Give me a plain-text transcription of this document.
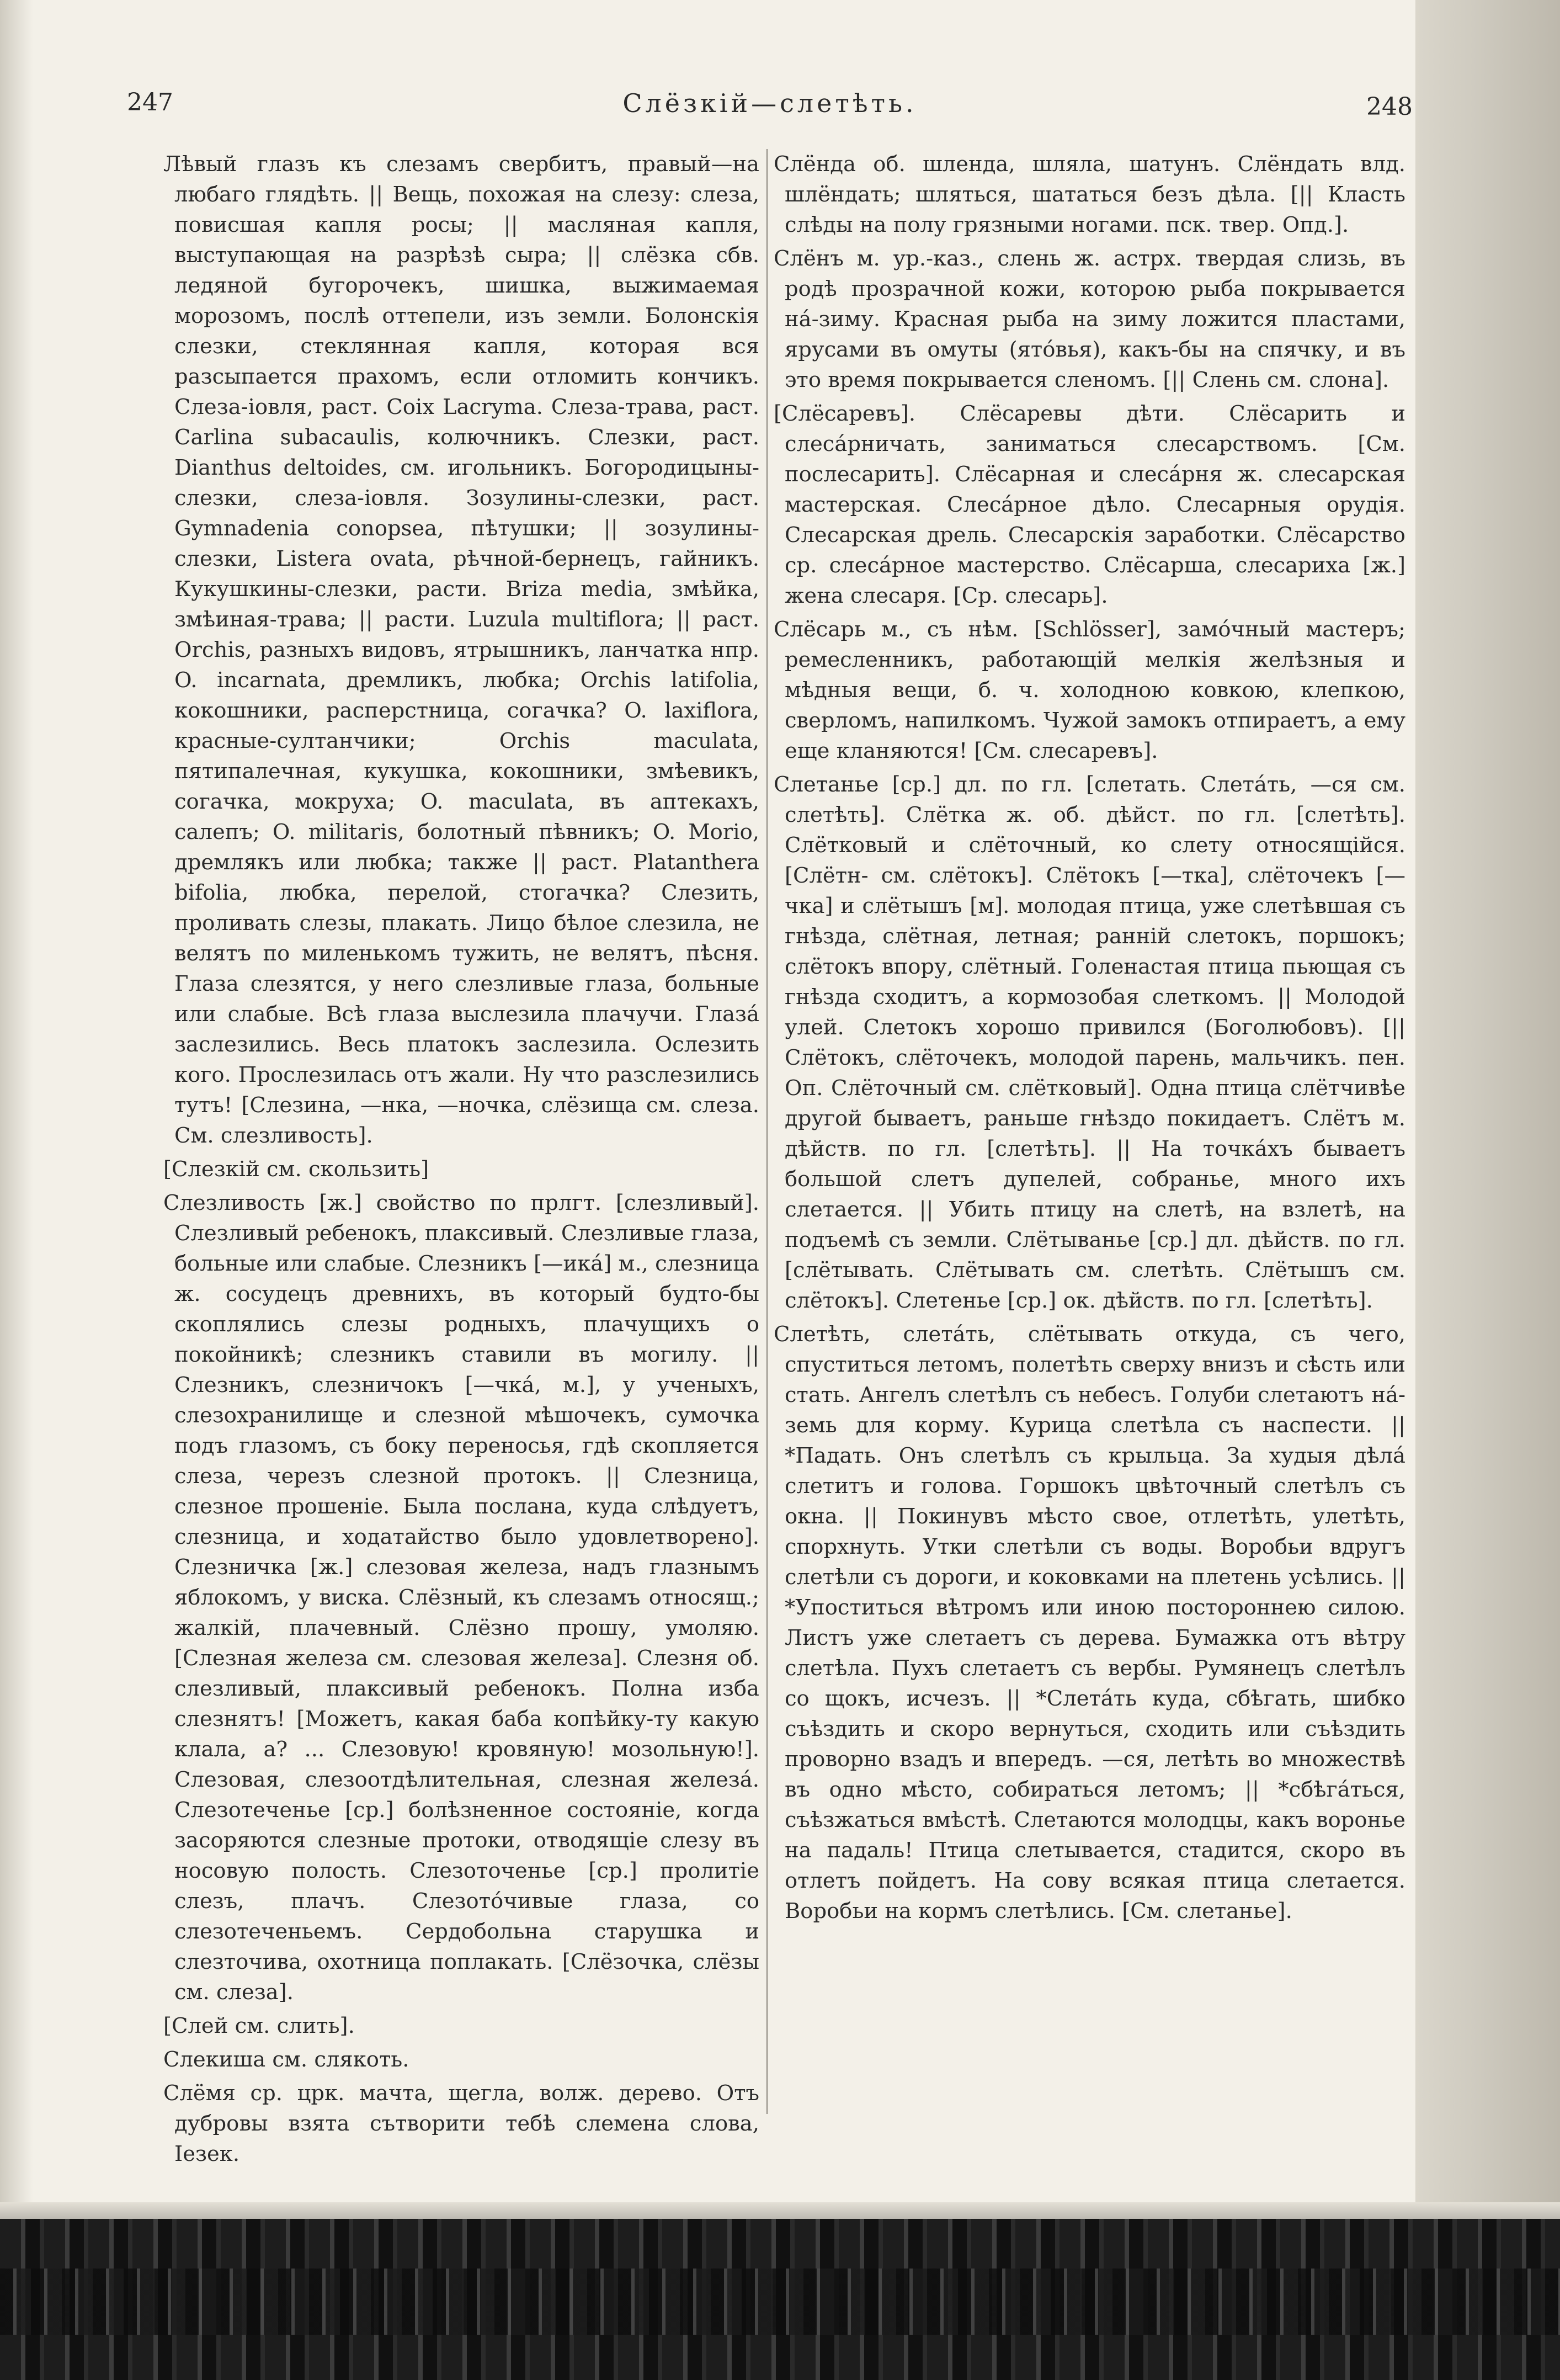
247	Слёзкій—слетѣть.	248

Лѣвый глазъ къ слезамъ свербитъ, правый—на любаго глядѣть. || Вещь, похожая на слезу: слеза, повисшая капля росы; || масляная капля, выступающая на разрѣзѣ сыра; || слёзка сбв. ледяной бугорочекъ, шишка, выжимаемая морозомъ, послѣ оттепели, изъ земли. Болонскія слезки, стеклянная капля, которая вся разсыпается прахомъ, если отломить кончикъ. Слеза-іовля, раст. Coix Lacryma. Слеза-трава, раст. Carlina subacaulis, колючникъ. Слезки, раст. Dianthus deltoides, см. игольникъ. Богородицыны-слезки, слеза-іовля. Зозулины-слезки, раст. Gymnadenia conopsea, пѣтушки; || зозулины-слезки, Listera ovata, рѣчной-бернецъ, гайникъ. Кукушкины-слезки, расти. Briza media, змѣйка, змѣиная-трава; || расти. Luzula multiflora; || раст. Orchis, разныхъ видовъ, ятрышникъ, ланчатка нпр. O. incarnata, дремликъ, любка; Orchis latifolia, кокошники, расперстница, согачка? O. laxiflora, красные-султанчики; Orchis maculata, пятипалечная, кукушка, кокошники, змѣевикъ, согачка, мокруха; O. maculata, въ аптекахъ, салепъ; O. militaris, болотный пѣвникъ; O. Morio, дремлякъ или любка; также || раст. Platanthera bifolia, любка, перелой, стогачка? Слезить, проливать слезы, плакать. Лицо бѣлое слезила, не велятъ по миленькомъ тужить, не велятъ, пѣсня. Глаза слезятся, у него слезливые глаза, больные или слабые. Всѣ глаза выслезила плачучи. Глазá заслезились. Весь платокъ заслезила. Ослезить кого. Прослезилась отъ жали. Ну что разслезились тутъ! [Слезина, —нка, —ночка, слёзища см. слеза. См. слезливость].

[Слезкій см. скользить]

Слезливость [ж.] свойство по прлгт. [слезливый]. Слезливый ребенокъ, плаксивый. Слезливые глаза, больные или слабые. Слезникъ [—икá] м., слезница ж. сосудецъ древнихъ, въ который будто-бы скоплялись слезы родныхъ, плачущихъ о покойникѣ; слезникъ ставили въ могилу. || Слезникъ, слезничокъ [—чкá, м.], у ученыхъ, слезохранилище и слезной мѣшочекъ, сумочка подъ глазомъ, съ боку переносья, гдѣ скопляется слеза, черезъ слезной протокъ. || Слезница, слезное прошеніе. Была послана, куда слѣдуетъ, слезница, и ходатайство было удовлетворено]. Слезничка [ж.] слезовая железа, надъ глазнымъ яблокомъ, у виска. Слёзный, къ слезамъ относящ.; жалкій, плачевный. Слёзно прошу, умоляю. [Слезная железа см. слезовая железа]. Слезня об. слезливый, плаксивый ребенокъ. Полна изба слезнятъ! [Можетъ, какая баба копѣйку-ту какую клала, а? ... Слезовую! кровяную! мозольную!]. Слезовая, слезоотдѣлительная, слезная железá. Слезотеченье [ср.] болѣзненное состояніе, когда засоряются слезные протоки, отводящіе слезу въ носовую полость. Слезоточенье [ср.] пролитіе слезъ, плачъ. Слезотóчивые глаза, со слезотеченьемъ. Сердобольна старушка и слезточива, охотница поплакать. [Слёзочка, слёзы см. слеза].

[Слей см. слить].

Слекиша см. слякоть.

Слёмя ср. црк. мачта, щегла, волж. дерево. Отъ дубровы взята сътворити тебѣ слемена слова, Іезек.

Слёнда об. шленда, шляла, шатунъ. Слёндать влд. шлёндать; шляться, шататься безъ дѣла. [|| Класть слѣды на полу грязными ногами. пск. твер. Опд.].

Слёнъ м. ур.-каз., слень ж. астрх. твердая слизь, въ родѣ прозрачной кожи, которою рыба покрывается нá-зиму. Красная рыба на зиму ложится пластами, ярусами въ омуты (ятóвья), какъ-бы на спячку, и въ это время покрывается сленомъ. [|| Слень см. слона].

[Слёсаревъ]. Слёсаревы дѣти. Слёсарить и слесáрничать, заниматься слесарствомъ. [См. послесарить]. Слёсарная и слесáрня ж. слесарская мастерская. Слесáрное дѣло. Слесарныя орудія. Слесарская дрель. Слесарскія заработки. Слёсарство ср. слесáрное мастерство. Слёсарша, слесариха [ж.] жена слесаря. [Ср. слесарь].

Слёсарь м., съ нѣм. [Schlösser], замóчный мастеръ; ремесленникъ, работающій мелкія желѣзныя и мѣдныя вещи, б. ч. холодною ковкою, клепкою, сверломъ, напилкомъ. Чужой замокъ отпираетъ, а ему еще кланяются! [См. слесаревъ].

Слетанье [ср.] дл. по гл. [слетать. Слетáть, —ся см. слетѣть]. Слётка ж. об. дѣйст. по гл. [слетѣть]. Слётковый и слёточный, ко слету относящійся. [Слётн- см. слётокъ]. Слётокъ [—тка], слёточекъ [—чка] и слётышъ [м]. молодая птица, уже слетѣвшая съ гнѣзда, слётная, летная; раннiй слетокъ, поршокъ; слётокъ впору, слётный. Голенастая птица пьющая съ гнѣзда сходитъ, а кормозобая слеткомъ. || Молодой улей. Слетокъ хорошо привился (Боголюбовъ). [|| Слётокъ, слёточекъ, молодой парень, мальчикъ. пен. Оп. Слёточный см. слётковый]. Одна птица слётчивѣе другой бываетъ, раньше гнѣздо покидаетъ. Слётъ м. дѣйств. по гл. [слетѣть]. || На точкáхъ бываетъ большой слетъ дупелей, собранье, много ихъ слетается. || Убить птицу на слетѣ, на взлетѣ, на подъемѣ съ земли. Слётыванье [ср.] дл. дѣйств. по гл. [слётывать. Слётывать см. слетѣть. Слётышъ см. слётокъ]. Слетенье [ср.] ок. дѣйств. по гл. [слетѣть].

Слетѣть, слетáть, слётывать откуда, съ чего, спуститься летомъ, полетѣть сверху внизъ и сѣсть или стать. Ангелъ слетѣлъ съ небесъ. Голуби слетаютъ нá-земь для корму. Курица слетѣла съ наспести. || *Падать. Онъ слетѣлъ съ крыльца. За худыя дѣлá слетитъ и голова. Горшокъ цвѣточный слетѣлъ съ окна. || Покинувъ мѣсто свое, отлетѣть, улетѣть, спорхнуть. Утки слетѣли съ воды. Воробьи вдругъ слетѣли съ дороги, и коковками на плетень усѣлись. || *Упоститься вѣтромъ или иною постороннею силою. Листъ уже слетаетъ съ дерева. Бумажка отъ вѣтру слетѣла. Пухъ слетаетъ съ вербы. Румянецъ слетѣлъ со щокъ, исчезъ. || *Слетáть куда, сбѣгать, шибко съѣздить и скоро вернуться, сходить или съѣздить проворно взадъ и впередъ. —ся, летѣть во множествѣ въ одно мѣсто, собираться летомъ; || *сбѣгáться, съѣзжаться вмѣстѣ. Слетаются молодцы, какъ воронье на падаль! Птица слетывается, стадится, скоро въ отлетъ пойдетъ. На сову всякая птица слетается. Воробьи на кормъ слетѣлись. [См. слетанье].
